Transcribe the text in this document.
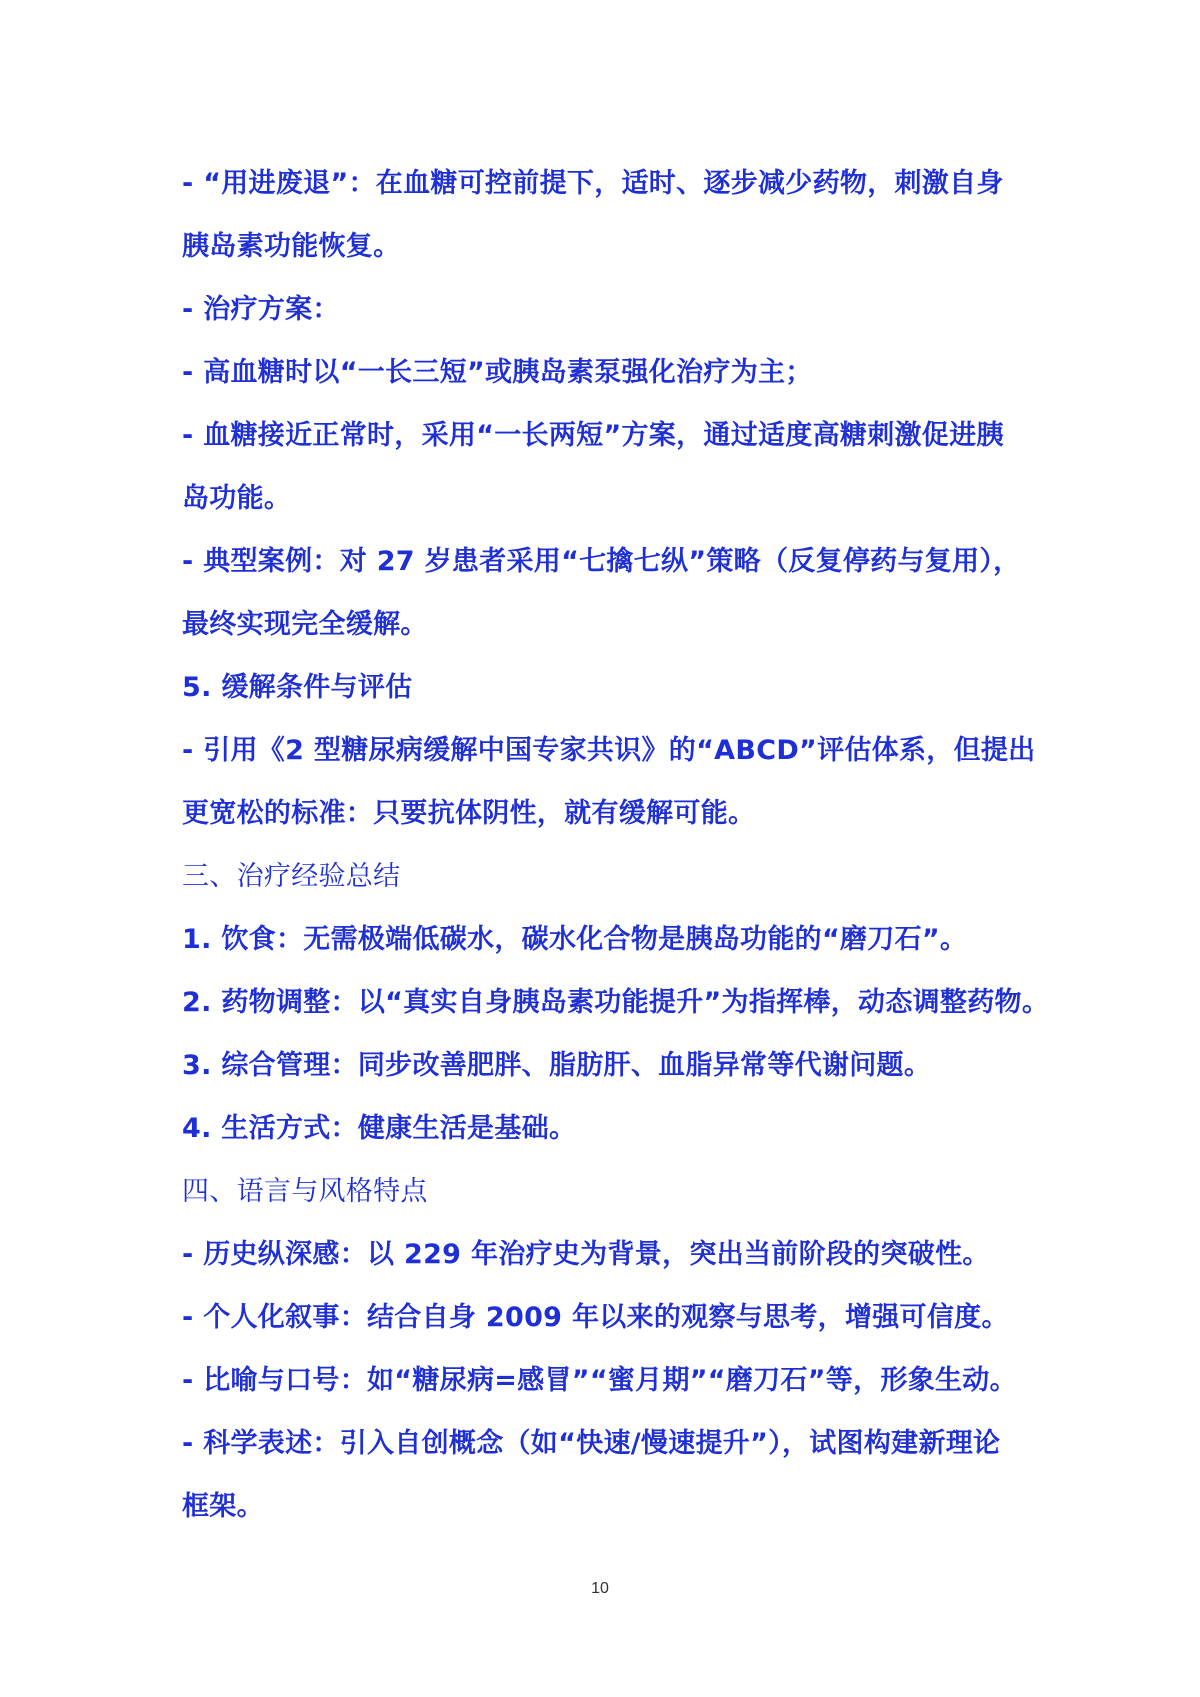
- “用进废退”：在血糖可控前提下，适时、逐步减少药物，刺激自身
胰岛素功能恢复。
- 治疗方案：
- 高血糖时以“一长三短”或胰岛素泵强化治疗为主；
- 血糖接近正常时，采用“一长两短”方案，通过适度高糖刺激促进胰
岛功能。
- 典型案例：对 27 岁患者采用“七擒七纵”策略（反复停药与复用），
最终实现完全缓解。
5. 缓解条件与评估
- 引用《2 型糖尿病缓解中国专家共识》的“ABCD”评估体系，但提出
更宽松的标准：只要抗体阴性，就有缓解可能。
三、治疗经验总结
1. 饮食：无需极端低碳水，碳水化合物是胰岛功能的“磨刀石”。
2. 药物调整：以“真实自身胰岛素功能提升”为指挥棒，动态调整药物。
3. 综合管理：同步改善肥胖、脂肪肝、血脂异常等代谢问题。
4. 生活方式：健康生活是基础。
四、语言与风格特点
- 历史纵深感：以 229 年治疗史为背景，突出当前阶段的突破性。
- 个人化叙事：结合自身 2009 年以来的观察与思考，增强可信度。
- 比喻与口号：如“糖尿病=感冒”“蜜月期”“磨刀石”等，形象生动。
- 科学表述：引入自创概念（如“快速/慢速提升”），试图构建新理论
框架。
10
